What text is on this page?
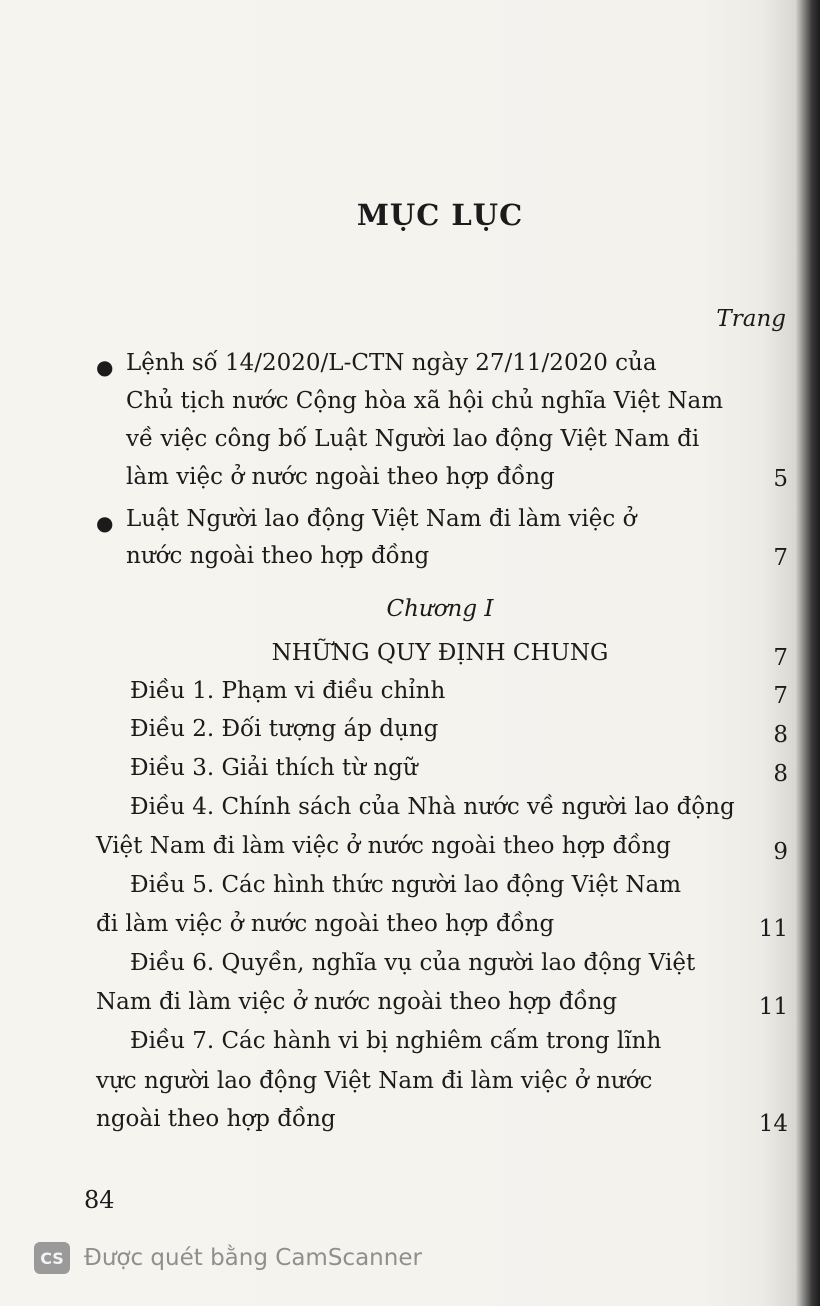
MỤC LỤC
Trang
● Lệnh số 14/2020/L-CTN ngày 27/11/2020 của
Chủ tịch nước Cộng hòa xã hội chủ nghĩa Việt Nam
về việc công bố Luật Người lao động Việt Nam đi
làm việc ở nước ngoài theo hợp đồng	5
● Luật Người lao động Việt Nam đi làm việc ở
nước ngoài theo hợp đồng	7
Chương I
NHỮNG QUY ĐỊNH CHUNG	7
Điều 1. Phạm vi điều chỉnh	7
Điều 2. Đối tượng áp dụng	8
Điều 3. Giải thích từ ngữ	8
Điều 4. Chính sách của Nhà nước về người lao động
Việt Nam đi làm việc ở nước ngoài theo hợp đồng	9
Điều 5. Các hình thức người lao động Việt Nam
đi làm việc ở nước ngoài theo hợp đồng	11
Điều 6. Quyền, nghĩa vụ của người lao động Việt
Nam đi làm việc ở nước ngoài theo hợp đồng	11
Điều 7. Các hành vi bị nghiêm cấm trong lĩnh
vực người lao động Việt Nam đi làm việc ở nước
ngoài theo hợp đồng	14
84
CS Được quét bằng CamScanner
